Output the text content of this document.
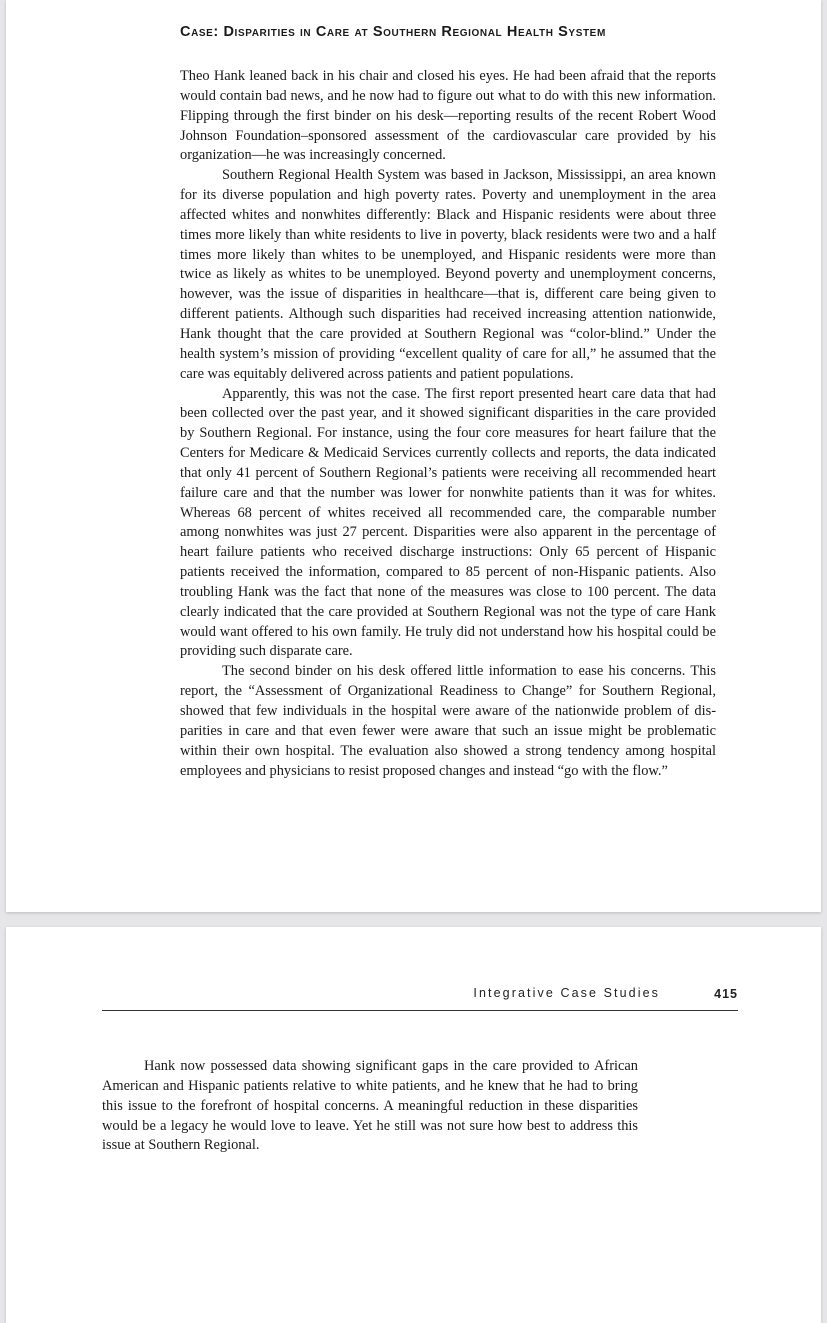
Case: Disparities in Care at Southern Regional Health System

Theo Hank leaned back in his chair and closed his eyes. He had been afraid that the reports would contain bad news, and he now had to figure out what to do with this new information. Flipping through the first binder on his desk—reporting results of the recent Robert Wood Johnson Foundation–sponsored assessment of the cardiovascular care provided by his organization—he was increasingly concerned.

Southern Regional Health System was based in Jackson, Mississippi, an area known for its diverse population and high poverty rates. Poverty and unemployment in the area affected whites and nonwhites differently: Black and Hispanic residents were about three times more likely than white residents to live in poverty, black residents were two and a half times more likely than whites to be unemployed, and Hispanic residents were more than twice as likely as whites to be unemployed. Beyond poverty and unemployment concerns, however, was the issue of disparities in healthcare—that is, different care being given to different patients. Although such disparities had received increasing attention nationwide, Hank thought that the care provided at Southern Regional was “color-blind.” Under the health system’s mission of providing “excellent quality of care for all,” he assumed that the care was equitably delivered across patients and patient populations.

Apparently, this was not the case. The first report presented heart care data that had been collected over the past year, and it showed significant disparities in the care provided by Southern Regional. For instance, using the four core measures for heart failure that the Centers for Medicare & Medicaid Services currently collects and reports, the data indicated that only 41 percent of Southern Regional’s patients were receiving all recommended heart failure care and that the number was lower for nonwhite patients than it was for whites. Whereas 68 percent of whites received all recommended care, the comparable number among nonwhites was just 27 percent. Disparities were also apparent in the percentage of heart failure patients who received discharge instructions: Only 65 percent of Hispanic patients received the information, compared to 85 percent of non-Hispanic patients. Also troubling Hank was the fact that none of the measures was close to 100 percent. The data clearly indicated that the care provided at Southern Regional was not the type of care Hank would want offered to his own family. He truly did not understand how his hospital could be providing such disparate care.

The second binder on his desk offered little information to ease his concerns. This report, the “Assessment of Organizational Readiness to Change” for Southern Regional, showed that few individuals in the hospital were aware of the nationwide problem of disparities in care and that even fewer were aware that such an issue might be problematic within their own hospital. The evaluation also showed a strong tendency among hospital employees and physicians to resist proposed changes and instead “go with the flow.”

Integrative Case Studies	415

Hank now possessed data showing significant gaps in the care provided to African American and Hispanic patients relative to white patients, and he knew that he had to bring this issue to the forefront of hospital concerns. A meaningful reduction in these disparities would be a legacy he would love to leave. Yet he still was not sure how best to address this issue at Southern Regional.
